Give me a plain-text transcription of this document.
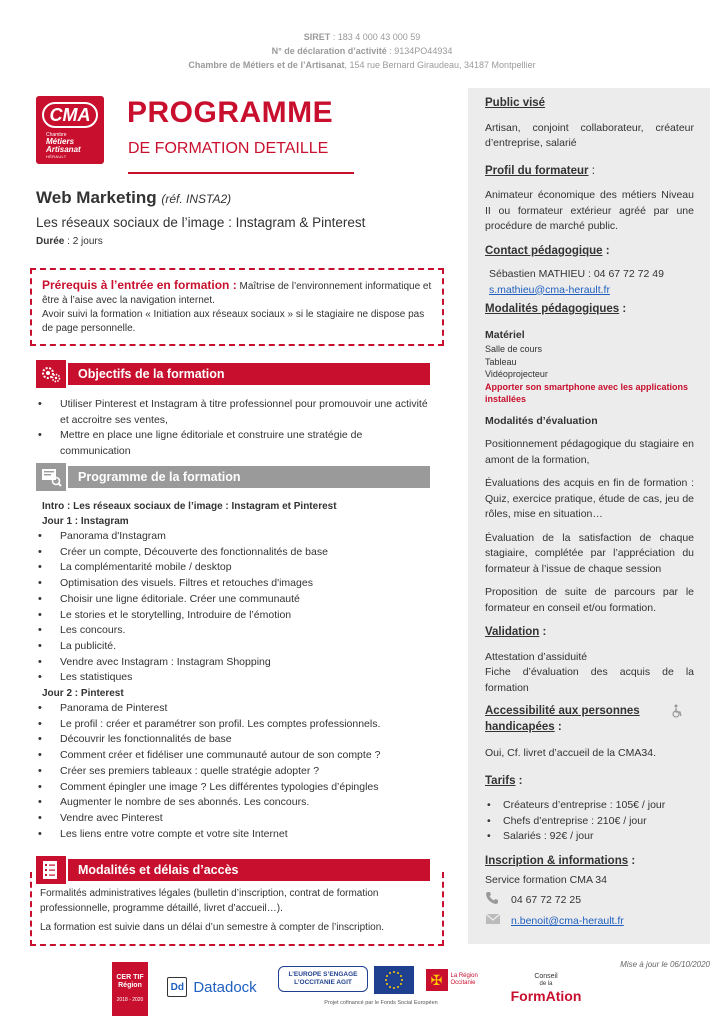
SIRET : 183 4 000 43 000 59
N° de déclaration d’activité : 9134PO44934
Chambre de Métiers et de l’Artisanat, 154 rue Bernard Giraudeau, 34187 Montpellier
CMA
Chambre
Métiers Artisanat
HÉRAULT
PROGRAMME
DE FORMATION DETAILLE
Web Marketing (réf. INSTA2)
Les réseaux sociaux de l’image : Instagram & Pinterest
Durée : 2 jours
Prérequis à l’entrée en formation : Maîtrise de l’environnement informatique et être à l’aise avec la navigation internet.
Avoir suivi la formation « Initiation aux réseaux sociaux » si le stagiaire ne dispose pas de page personnelle.
Objectifs de la formation
• Utiliser Pinterest et Instagram à titre professionnel pour promouvoir une activité et accroitre ses ventes,
• Mettre en place une ligne éditoriale et construire une stratégie de communication
Programme de la formation
Intro : Les réseaux sociaux de l’image : Instagram et Pinterest
Jour 1 : Instagram
• Panorama d'Instagram
• Créer un compte, Découverte des fonctionnalités de base
• La complémentarité mobile / desktop
• Optimisation des visuels. Filtres et retouches d'images
• Choisir une ligne éditoriale. Créer une communauté
• Le stories et le storytelling, Introduire de l’émotion
• Les concours.
• La publicité.
• Vendre avec Instagram : Instagram Shopping
• Les statistiques
Jour 2 : Pinterest
• Panorama de Pinterest
• Le profil : créer et paramétrer son profil. Les comptes professionnels.
• Découvrir les fonctionnalités de base
• Comment créer et fidéliser une communauté autour de son compte ?
• Créer ses premiers tableaux : quelle stratégie adopter ?
• Comment épingler une image ? Les différentes typologies d’épingles
• Augmenter le nombre de ses abonnés. Les concours.
• Vendre avec Pinterest
• Les liens entre votre compte et votre site Internet
Modalités et délais d’accès

Formalités administratives légales (bulletin d’inscription, contrat de formation professionnelle, programme détaillé, livret d’accueil…).

La formation est suivie dans un délai d’un semestre à compter de l’inscription.

Public visé
Artisan, conjoint collaborateur, créateur d’entreprise, salarié
Profil du formateur :
Animateur économique des métiers Niveau II ou formateur extérieur agréé par une procédure de marché public.
Contact pédagogique :
Sébastien MATHIEU : 04 67 72 72 49
s.mathieu@cma-herault.fr
Modalités pédagogiques :
Matériel
Salle de cours
Tableau
Vidéoprojecteur
Apporter son smartphone avec les applications installées
Modalités d’évaluation
Positionnement pédagogique du stagiaire en amont de la formation,
Évaluations des acquis en fin de formation : Quiz, exercice pratique, étude de cas, jeu de rôles, mise en situation…
Évaluation de la satisfaction de chaque stagiaire, complétée par l’appréciation du formateur à l’issue de chaque session
Proposition de suite de parcours par le formateur en conseil et/ou formation.
Validation :
Attestation d’assiduité
Fiche d’évaluation des acquis de la formation
Accessibilité aux personnes handicapées :
Oui, Cf. livret d’accueil de la CMA34.
Tarifs :
• Créateurs d’entreprise : 105€ / jour
• Chefs d’entreprise : 210€ / jour
• Salariés : 92€ / jour
Inscription & informations :
Service formation CMA 34
04 67 72 72 25
n.benoit@cma-herault.fr
Mise à jour le 06/10/2020
CER TIF Région
2018 - 2020
Dd Datadock
L’EUROPE S’ENGAGE
L’OCCITANIE AGIT
Projet cofinancé par le Fonds Social Européen
✠	La Région Occitanie
Conseil
de la
FormAtion
